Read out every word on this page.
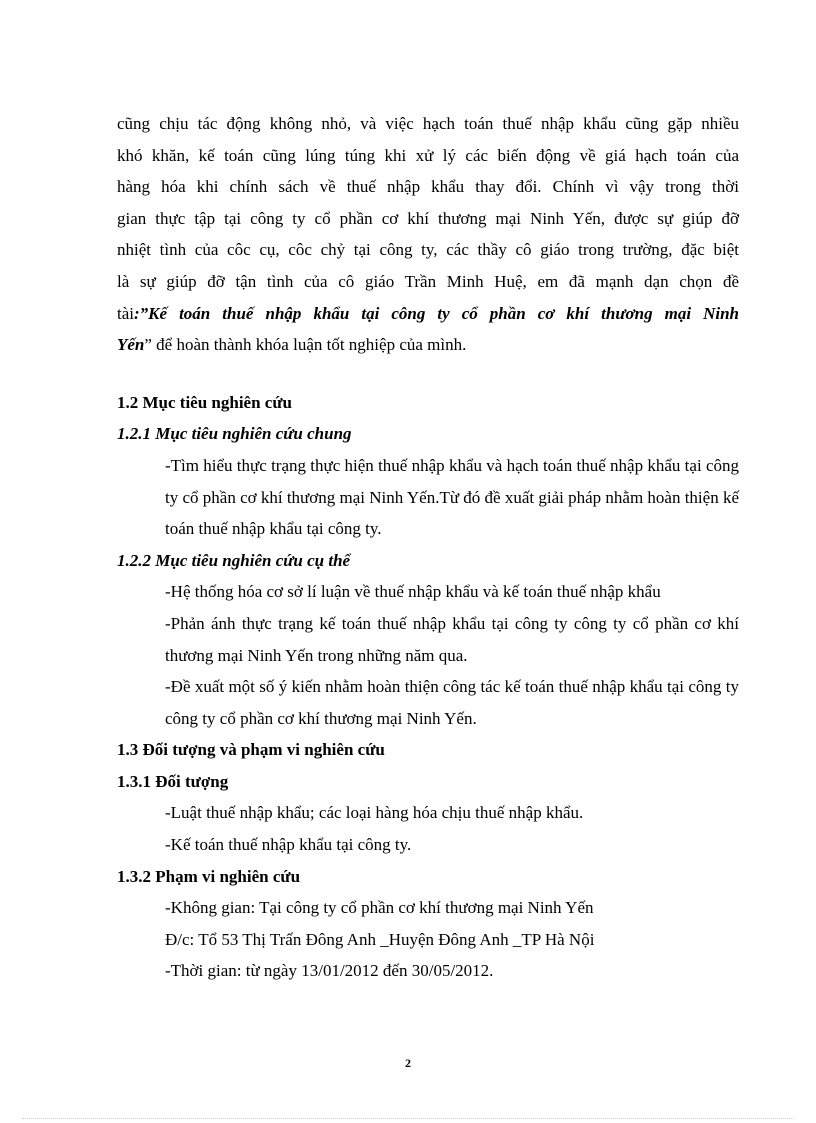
cũng chịu tác động không nhỏ, và việc hạch toán thuế nhập khẩu cũng gặp nhiều
khó khăn, kế toán cũng lúng túng khi xử lý các biến động về giá hạch toán của
hàng hóa khi chính sách về thuế nhập khẩu thay đổi. Chính vì vậy trong thời
gian thực tập tại công ty cổ phần cơ khí thương mại Ninh Yến, được sự giúp đỡ
nhiệt tình của côc cụ, côc chỷ tại công ty, các thầy cô giáo trong trường, đặc biệt
là sự giúp đỡ tận tình của cô giáo Trần Minh Huệ, em đã mạnh dạn chọn đề
tài:”Kế toán thuế nhập khẩu tại công ty cổ phần cơ khí thương mại Ninh
Yến” để hoàn thành khóa luận tốt nghiệp của mình.
1.2 Mục tiêu nghiên cứu
1.2.1 Mục tiêu nghiên cứu chung
-Tìm hiểu thực trạng thực hiện thuế nhập khẩu và hạch toán thuế nhập khẩu tại công ty cổ phần cơ khí thương mại Ninh Yến.Từ đó đề xuất giải pháp nhằm hoàn thiện kế toán thuế nhập khẩu tại công ty.
1.2.2 Mục tiêu nghiên cứu cụ thể
-Hệ thống hóa cơ sở lí luận về thuế nhập khẩu và kế toán thuế nhập khẩu
-Phản ánh thực trạng kế toán thuế nhập khẩu tại công ty công ty cổ phần cơ khí thương mại Ninh Yến trong những năm qua.
-Đề xuất một số ý kiến nhằm hoàn thiện công tác kế toán thuế nhập khẩu tại công ty công ty cổ phần cơ khí thương mại Ninh Yến.
1.3 Đối tượng và phạm vi nghiên cứu
1.3.1 Đối tượng
-Luật thuế nhập khẩu; các loại hàng hóa chịu thuế nhập khẩu.
-Kế toán thuế nhập khẩu tại công ty.
1.3.2 Phạm vi nghiên cứu
-Không gian: Tại công ty cổ phần cơ khí thương mại Ninh Yến
Đ/c: Tổ 53 Thị Trấn Đông Anh _Huyện Đông Anh _TP Hà Nội
-Thời gian: từ ngày 13/01/2012 đến 30/05/2012.
2
